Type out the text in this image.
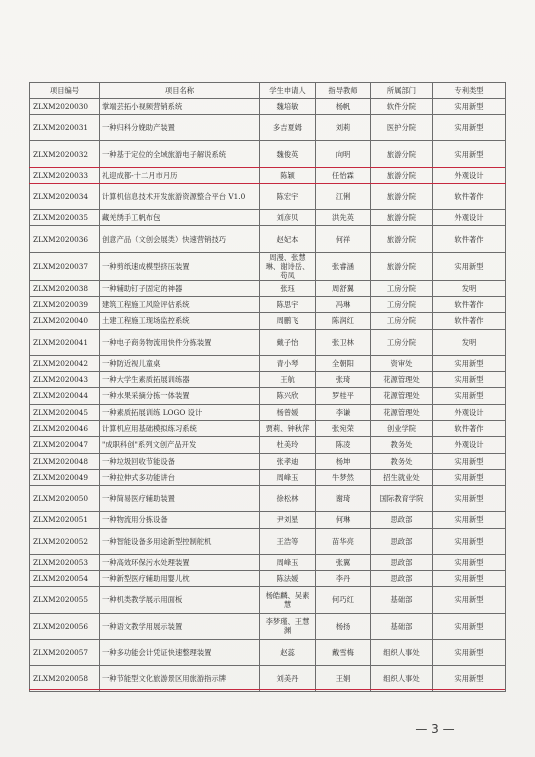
项目编号	项目名称	学生申请人	指导教师	所属部门	专利类型
ZLXM2020030	掌端芸拓小视频营销系统	魏培敏	杨帆	软件分院	实用新型
ZLXM2020031	一种归科分娩助产装置	多吉夏姆	刘莉	医护分院	实用新型
ZLXM2020032	一种基于定位的全域旅游电子解说系统	魏俊英	向明	旅游分院	实用新型
ZLXM2020033	礼迎成都-十二月市月历	陈颖	任怡霖	旅游分院	外观设计
ZLXM2020034	计算机信息技术开发旅游资源整合平台 V1.0	陈宏宇	江俐	旅游分院	软件著作
ZLXM2020035	藏羌绣手工帆布包	刘彦贝	洪先英	旅游分院	外观设计
ZLXM2020036	创意产品（文创会展类）快速营销技巧	赵妃本	何祥	旅游分院	软件著作
ZLXM2020037	一种剪纸速成模型挤压装置	周漫、张慧琳、谢诗岳、苟凤	张睿涵	旅游分院	实用新型
ZLXM2020038	一种辅助钉子固定的神器	张珏	周舒翼	工房分院	发明
ZLXM2020039	建筑工程施工风险评估系统	陈思宇	冯琳	工房分院	软件著作
ZLXM2020040	土建工程施工现场监控系统	周鹏飞	陈润红	工房分院	软件著作
ZLXM2020041	一种电子商务物流用快件分拣装置	戴子怡	张卫林	工房分院	发明
ZLXM2020042	一种防近视儿童桌	青小琴	全朝阳	资审处	实用新型
ZLXM2020043	一种大学生素质拓展训练器	王航	张琦	花源管理处	实用新型
ZLXM2020044	一种水果采摘分拣一体装置	陈兴欣	罗桂平	花源管理处	实用新型
ZLXM2020045	一种素质拓展训练 LOGO 设计	杨曾媛	李谦	花源管理处	外观设计
ZLXM2020046	计算机应用基础模拟练习系统	贾莉、钟秋萍	张宛荣	创业学院	软件著作
ZLXM2020047	"成职科创"系列文创产品开发	杜美玲	陈凌	教务处	外观设计
ZLXM2020048	一种垃圾回收节能设备	张孝迪	杨坤	教务处	实用新型
ZLXM2020049	一种拉伸式多功能讲台	周峰玉	牛梦然	招生就业处	实用新型
ZLXM2020050	一种简易医疗辅助装置	徐松林	谢琦	国际教育学院	实用新型
ZLXM2020051	一种物流用分拣设备	尹刘星	何琳	思政部	实用新型
ZLXM2020052	一种智能设备多用途新型控制舵机	王浩等	苗华亮	思政部	实用新型
ZLXM2020053	一种高效环保污水处理装置	周峰玉	张翼	思政部	实用新型
ZLXM2020054	一种新型医疗辅助用婴儿枕	陈法媛	李丹	思政部	实用新型
ZLXM2020055	一种机类教学展示用面板	杨皓麟、吴素慧	何巧红	基础部	实用新型
ZLXM2020056	一种语文教学用展示装置	李梦瑾、王慧渊	杨扬	基础部	实用新型
ZLXM2020057	一种多功能会计凭证快速整理装置	赵蕊	戴雪梅	组织人事处	实用新型
ZLXM2020058	一种节能型文化旅游景区用旅游指示牌	刘美丹	王娟	组织人事处	实用新型
— 3 —
